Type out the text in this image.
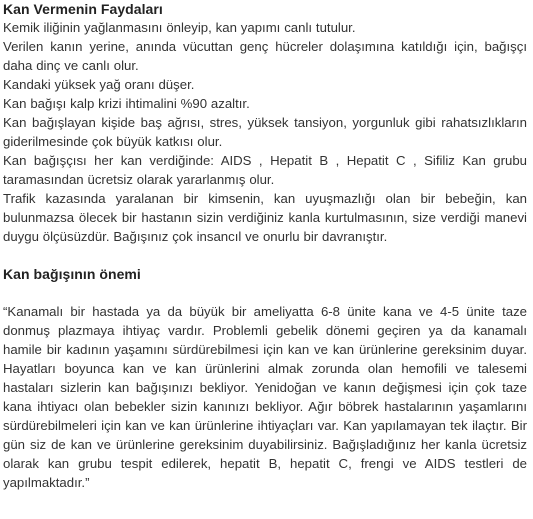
Kan Vermenin Faydaları

Kemik iliğinin yağlanmasını önleyip, kan yapımı canlı tutulur.

Verilen kanın yerine, anında vücuttan genç hücreler dolaşımına katıldığı için, bağışçı daha dinç ve canlı olur.

Kandaki yüksek yağ oranı düşer.

Kan bağışı kalp krizi ihtimalini %90 azaltır.

Kan bağışlayan kişide baş ağrısı, stres, yüksek tansiyon, yorgunluk gibi rahatsızlıkların giderilmesinde çok büyük katkısı olur.

Kan bağışçısı her kan verdiğinde: AIDS , Hepatit B , Hepatit C , Sifiliz Kan grubu taramasından ücretsiz olarak yararlanmış olur.

Trafik kazasında yaralanan bir kimsenin, kan uyuşmazlığı olan bir bebeğin, kan bulunmazsa ölecek bir hastanın sizin verdiğiniz kanla kurtulmasının, size verdiği manevi duygu ölçüsüzdür. Bağışınız çok insancıl ve onurlu bir davranıştır.

Kan bağışının önemi

“Kanamalı bir hastada ya da büyük bir ameliyatta 6-8 ünite kana ve 4-5 ünite taze donmuş plazmaya ihtiyaç vardır. Problemli gebelik dönemi geçiren ya da kanamalı hamile bir kadının yaşamını sürdürebilmesi için kan ve kan ürünlerine gereksinim duyar. Hayatları boyunca kan ve kan ürünlerini almak zorunda olan hemofili ve talesemi hastaları sizlerin kan bağışınızı bekliyor. Yenidoğan ve kanın değişmesi için çok taze kana ihtiyacı olan bebekler sizin kanınızı bekliyor. Ağır böbrek hastalarının yaşamlarını sürdürebilmeleri için kan ve kan ürünlerine ihtiyaçları var. Kan yapılamayan tek ilaçtır. Bir gün siz de kan ve ürünlerine gereksinim duyabilirsiniz. Bağışladığınız her kanla ücretsiz olarak kan grubu tespit edilerek, hepatit B, hepatit C, frengi ve AIDS testleri de yapılmaktadır.”
